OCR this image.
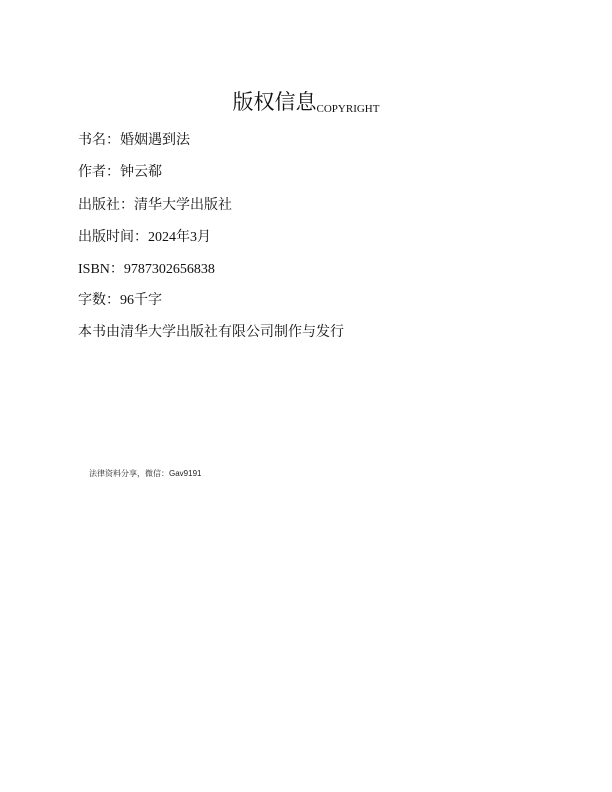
版权信息COPYRIGHT
书名：婚姻遇到法
作者：钟云郗
出版社：清华大学出版社
出版时间：2024年3月
ISBN：9787302656838
字数：96千字
本书由清华大学出版社有限公司制作与发行
法律资料分享，微信：Gav9191
